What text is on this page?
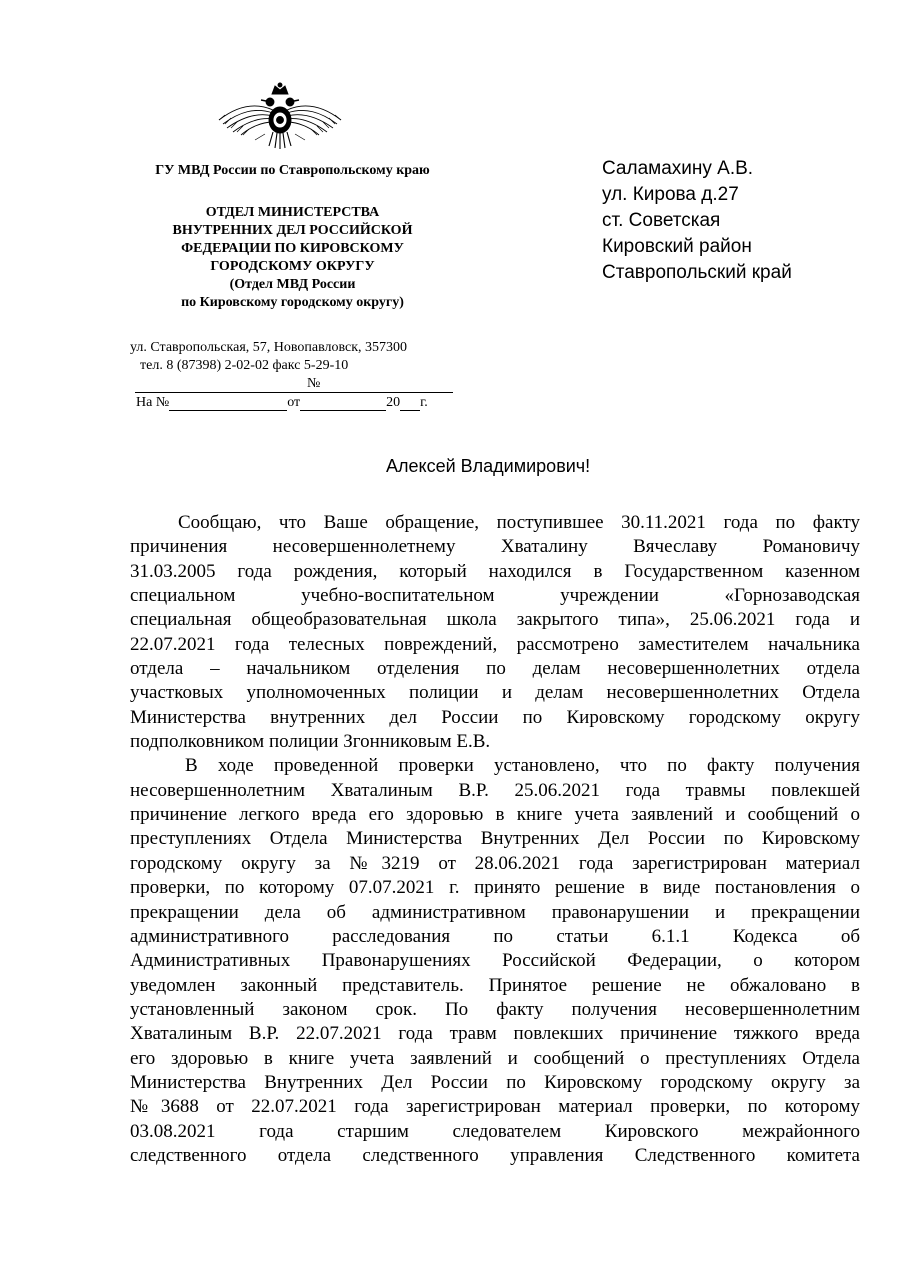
ГУ МВД России по Ставропольскому краю
ОТДЕЛ МИНИСТЕРСТВА
ВНУТРЕННИХ ДЕЛ РОССИЙСКОЙ
ФЕДЕРАЦИИ ПО КИРОВСКОМУ
ГОРОДСКОМУ ОКРУГУ
(Отдел МВД России
по Кировскому городскому округу)
ул. Ставропольская, 57, Новопавловск, 357300
тел. 8 (87398) 2-02-02 факс 5-29-10
№
На №	от	20 г.
Саламахину А.В.
ул. Кирова д.27
ст. Советская
Кировский район
Ставропольский край
Алексей Владимирович!
Сообщаю, что Ваше обращение, поступившее 30.11.2021 года по факту
причинения несовершеннолетнему Хваталину Вячеславу Романовичу
31.03.2005 года рождения, который находился в Государственном казенном
специальном учебно-воспитательном учреждении «Горнозаводская
специальная общеобразовательная школа закрытого типа», 25.06.2021 года и
22.07.2021 года телесных повреждений, рассмотрено заместителем начальника
отдела – начальником отделения по делам несовершеннолетних отдела
участковых уполномоченных полиции и делам несовершеннолетних Отдела
Министерства внутренних дел России по Кировскому городскому округу
подполковником полиции Згонниковым Е.В.
В ходе проведенной проверки установлено, что по факту получения
несовершеннолетним Хваталиным В.Р. 25.06.2021 года травмы повлекшей
причинение легкого вреда его здоровью в книге учета заявлений и сообщений о
преступлениях Отдела Министерства Внутренних Дел России по Кировскому
городскому округу за №3219 от 28.06.2021 года зарегистрирован материал
проверки, по которому 07.07.2021 г. принято решение в виде постановления о
прекращении дела об административном правонарушении и прекращении
административного расследования по статьи 6.1.1 Кодекса об
Административных Правонарушениях Российской Федерации, о котором
уведомлен законный представитель. Принятое решение не обжаловано в
установленный законом срок. По факту получения несовершеннолетним
Хваталиным В.Р. 22.07.2021 года травм повлекших причинение тяжкого вреда
его здоровью в книге учета заявлений и сообщений о преступлениях Отдела
Министерства Внутренних Дел России по Кировскому городскому округу за
№3688 от 22.07.2021 года зарегистрирован материал проверки, по которому
03.08.2021 года старшим следователем Кировского межрайонного
следственного отдела следственного управления Следственного комитета
